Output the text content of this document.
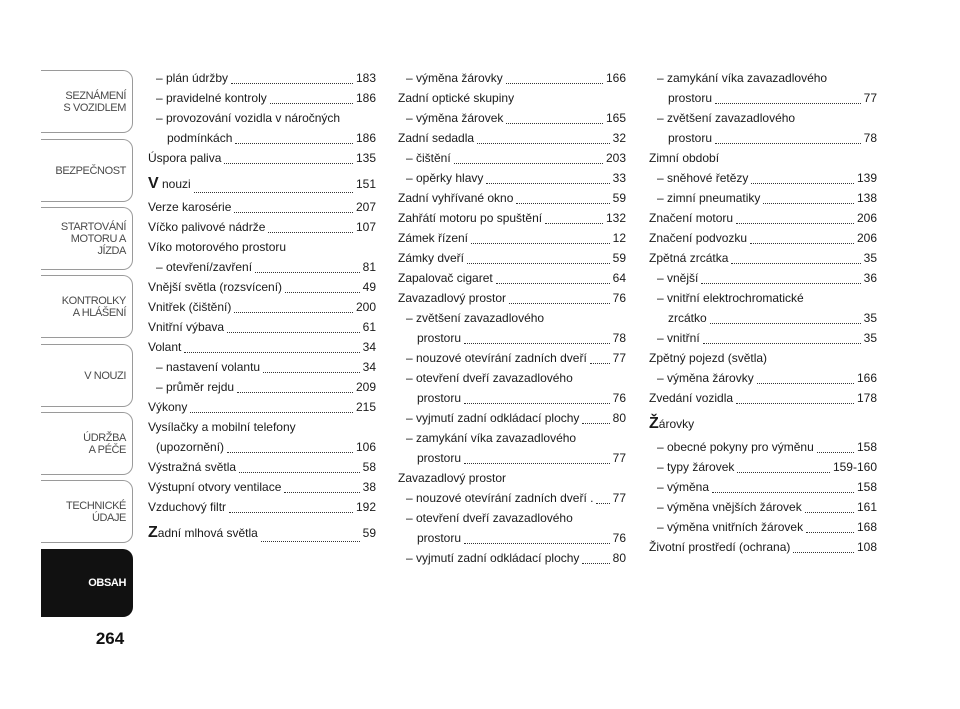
SEZNÁMENÍ
S VOZIDLEM
BEZPEČNOST
STARTOVÁNÍ
MOTORU A JÍZDA
KONTROLKY
A HLÁŠENÍ
V NOUZI
ÚDRŽBA
A PÉČE
TECHNICKÉ
ÚDAJE
OBSAH
264
– plán údržby	183
– pravidelné kontroly	186
– provozování vozidla v náročných
podmínkách	186
Úspora paliva	135
V nouzi	151
Verze karosérie	207
Víčko palivové nádrže	107
Víko motorového prostoru
– otevření/zavření	81
Vnější světla (rozsvícení)	49
Vnitřek (čištění)	200
Vnitřní výbava	61
Volant	34
– nastavení volantu	34
– průměr rejdu	209
Výkony	215
Vysílačky a mobilní telefony
(upozornění)	106
Výstražná světla	58
Výstupní otvory ventilace	38
Vzduchový filtr	192
Zadní mlhová světla	59
– výměna žárovky	166
Zadní optické skupiny
– výměna žárovek	165
Zadní sedadla	32
– čištění	203
– opěrky hlavy	33
Zadní vyhřívané okno	59
Zahřátí motoru po spuštění	132
Zámek řízení	12
Zámky dveří	59
Zapalovač cigaret	64
Zavazadlový prostor	76
– zvětšení zavazadlového
prostoru	78
– nouzové otevírání zadních dveří 77
– otevření dveří zavazadlového
prostoru	76
– vyjmutí zadní odkládací plochy	80
– zamykání víka zavazadlového
prostoru	77
Zavazadlový prostor
– nouzové otevírání zadních dveří . 77
– otevření dveří zavazadlového
prostoru	76
– vyjmutí zadní odkládací plochy	80
– zamykání víka zavazadlového
prostoru	77
– zvětšení zavazadlového
prostoru	78
Zimní období
– sněhové řetězy	139
– zimní pneumatiky	138
Značení motoru	206
Značení podvozku	206
Zpětná zrcátka	35
– vnější	36
– vnitřní elektrochromatické
zrcátko	35
– vnitřní	35
Zpětný pojezd (světla)
– výměna žárovky	166
Zvedání vozidla	178
Žárovky
– obecné pokyny pro výměnu	158
– typy žárovek	159-160
– výměna	158
– výměna vnějších žárovek	161
– výměna vnitřních žárovek	168
Životní prostředí (ochrana)	108
